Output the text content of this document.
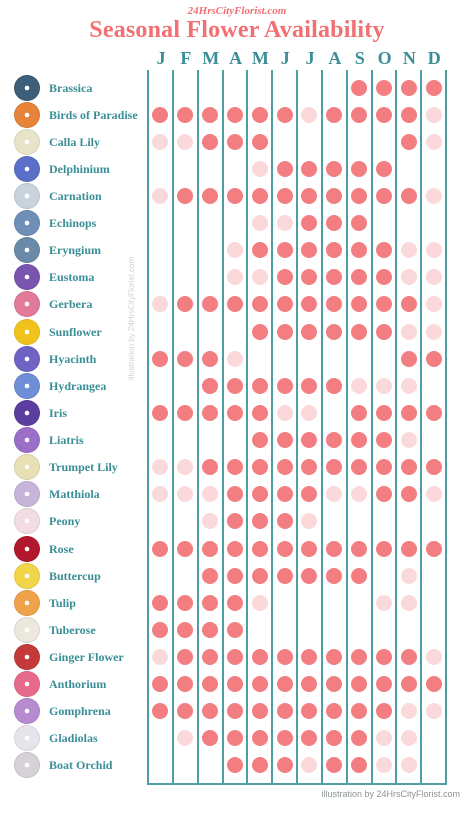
24HrsCityFlorist.com
Seasonal Flower Availability
J F M A M J J A S O N D
Brassica
Birds of Paradise
Calla Lily
Delphinium
Carnation
Echinops
Eryngium
Eustoma
Gerbera
Sunflower
Hyacinth
Hydrangea
Iris
Liatris
Trumpet Lily
Matthiola
Peony
Rose
Buttercup
Tulip
Tuberose
Ginger Flower
Anthorium
Gomphrena
Gladiolas
Boat Orchid
illustration by 24HrsCityFlorist.com
illustration by 24HrsCityFlorist.com
